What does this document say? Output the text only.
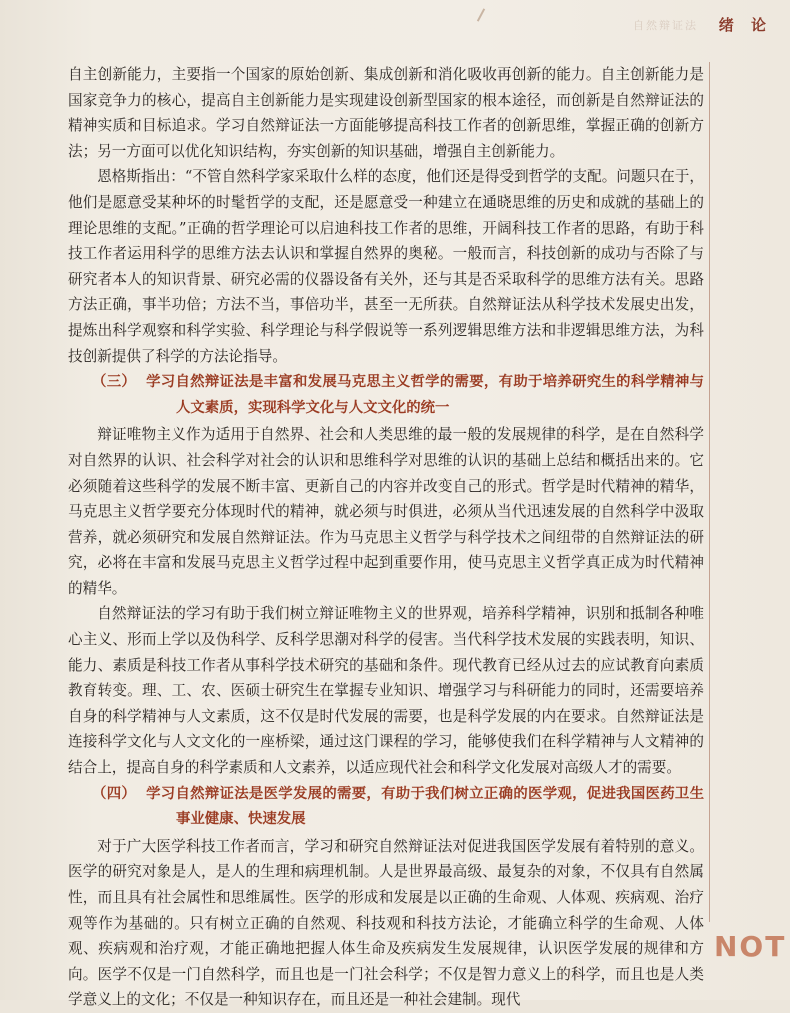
自然辩证法 绪 论

自主创新能力，主要指一个国家的原始创新、集成创新和消化吸收再创新的能力。自主创新能力是国家竞争力的核心，提高自主创新能力是实现建设创新型国家的根本途径，而创新是自然辩证法的精神实质和目标追求。学习自然辩证法一方面能够提高科技工作者的创新思维，掌握正确的创新方法；另一方面可以优化知识结构，夯实创新的知识基础，增强自主创新能力。

恩格斯指出：“不管自然科学家采取什么样的态度，他们还是得受到哲学的支配。问题只在于，他们是愿意受某种坏的时髦哲学的支配，还是愿意受一种建立在通晓思维的历史和成就的基础上的理论思维的支配。”正确的哲学理论可以启迪科技工作者的思维，开阔科技工作者的思路，有助于科技工作者运用科学的思维方法去认识和掌握自然界的奥秘。一般而言，科技创新的成功与否除了与研究者本人的知识背景、研究必需的仪器设备有关外，还与其是否采取科学的思维方法有关。思路方法正确，事半功倍；方法不当，事倍功半，甚至一无所获。自然辩证法从科学技术发展史出发，提炼出科学观察和科学实验、科学理论与科学假说等一系列逻辑思维方法和非逻辑思维方法，为科技创新提供了科学的方法论指导。

（三） 学习自然辩证法是丰富和发展马克思主义哲学的需要，有助于培养研究生的科学精神与人文素质，实现科学文化与人文文化的统一

辩证唯物主义作为适用于自然界、社会和人类思维的最一般的发展规律的科学，是在自然科学对自然界的认识、社会科学对社会的认识和思维科学对思维的认识的基础上总结和概括出来的。它必须随着这些科学的发展不断丰富、更新自己的内容并改变自己的形式。哲学是时代精神的精华，马克思主义哲学要充分体现时代的精神，就必须与时俱进，必须从当代迅速发展的自然科学中汲取营养，就必须研究和发展自然辩证法。作为马克思主义哲学与科学技术之间纽带的自然辩证法的研究，必将在丰富和发展马克思主义哲学过程中起到重要作用，使马克思主义哲学真正成为时代精神的精华。

自然辩证法的学习有助于我们树立辩证唯物主义的世界观，培养科学精神，识别和抵制各种唯心主义、形而上学以及伪科学、反科学思潮对科学的侵害。当代科学技术发展的实践表明，知识、能力、素质是科技工作者从事科学技术研究的基础和条件。现代教育已经从过去的应试教育向素质教育转变。理、工、农、医硕士研究生在掌握专业知识、增强学习与科研能力的同时，还需要培养自身的科学精神与人文素质，这不仅是时代发展的需要，也是科学发展的内在要求。自然辩证法是连接科学文化与人文文化的一座桥梁，通过这门课程的学习，能够使我们在科学精神与人文精神的结合上，提高自身的科学素质和人文素养，以适应现代社会和科学文化发展对高级人才的需要。

（四） 学习自然辩证法是医学发展的需要，有助于我们树立正确的医学观，促进我国医药卫生事业健康、快速发展

对于广大医学科技工作者而言，学习和研究自然辩证法对促进我国医学发展有着特别的意义。医学的研究对象是人，是人的生理和病理机制。人是世界最高级、最复杂的对象，不仅具有自然属性，而且具有社会属性和思维属性。医学的形成和发展是以正确的生命观、人体观、疾病观、治疗观等作为基础的。只有树立正确的自然观、科技观和科技方法论，才能确立科学的生命观、人体观、疾病观和治疗观，才能正确地把握人体生命及疾病发生发展规律，认识医学发展的规律和方向。医学不仅是一门自然科学，而且也是一门社会科学；不仅是智力意义上的科学，而且也是人类学意义上的文化；不仅是一种知识存在，而且还是一种社会建制。现代

NOT
